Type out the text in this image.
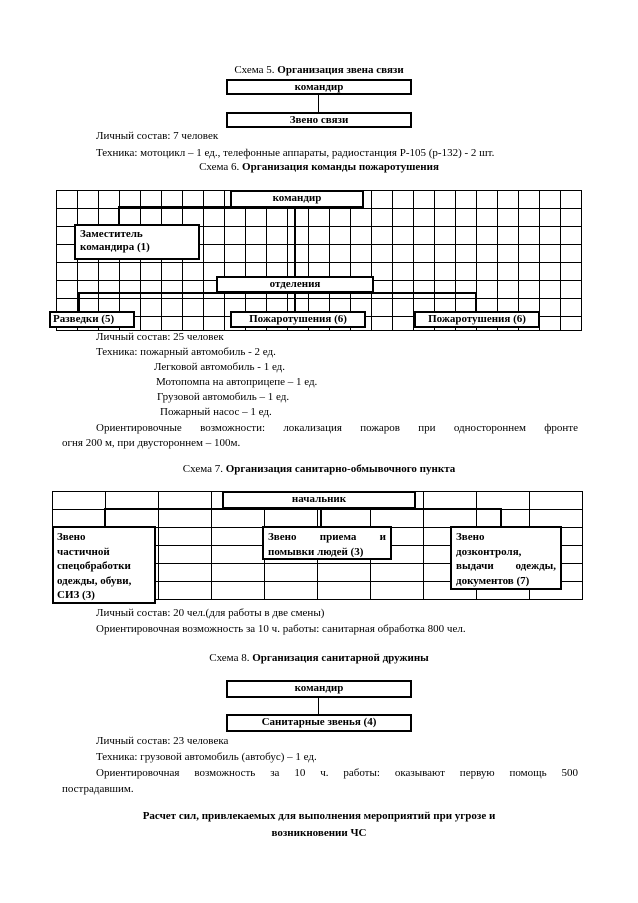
Схема 5. Организация звена связи
командир
Звено связи
Личный состав: 7 человек
Техника: мотоцикл – 1 ед., телефонные аппараты, радиостанция Р-105 (р-132) - 2 шт.
Схема 6. Организация команды пожаротушения

командир
Заместитель
командира (1)
отделения
Разведки (5)	Пожаротушения (6)	Пожаротушения (6)
Личный состав: 25 человек
Техника: пожарный автомобиль - 2 ед.
Легковой автомобиль - 1 ед.
Мотопомпа на автоприцепе – 1 ед.
Грузовой автомобиль – 1 ед.
Пожарный насос – 1 ед.
Ориентировочные возможности: локализация пожаров при одностороннем фронте
огня 200 м, при двустороннем – 100м.
Схема 7. Организация санитарно-обмывочного пункта

начальник
Звено
частичной
спецобработки
одежды, обуви,
СИЗ (3)
Звено приема и
помывки людей (3)
Звено
дозконтроля,
выдачи одежды,
документов (7)
Личный состав: 20 чел.(для работы в две смены)
Ориентировочная возможность за 10 ч. работы: санитарная обработка 800 чел.
Схема 8. Организация санитарной дружины
командир
Санитарные звенья (4)
Личный состав: 23 человека
Техника: грузовой автомобиль (автобус) – 1 ед.
Ориентировочная возможность за 10 ч. работы: оказывают первую помощь 500
пострадавшим.
Расчет сил, привлекаемых для выполнения мероприятий при угрозе и
возникновении ЧС
